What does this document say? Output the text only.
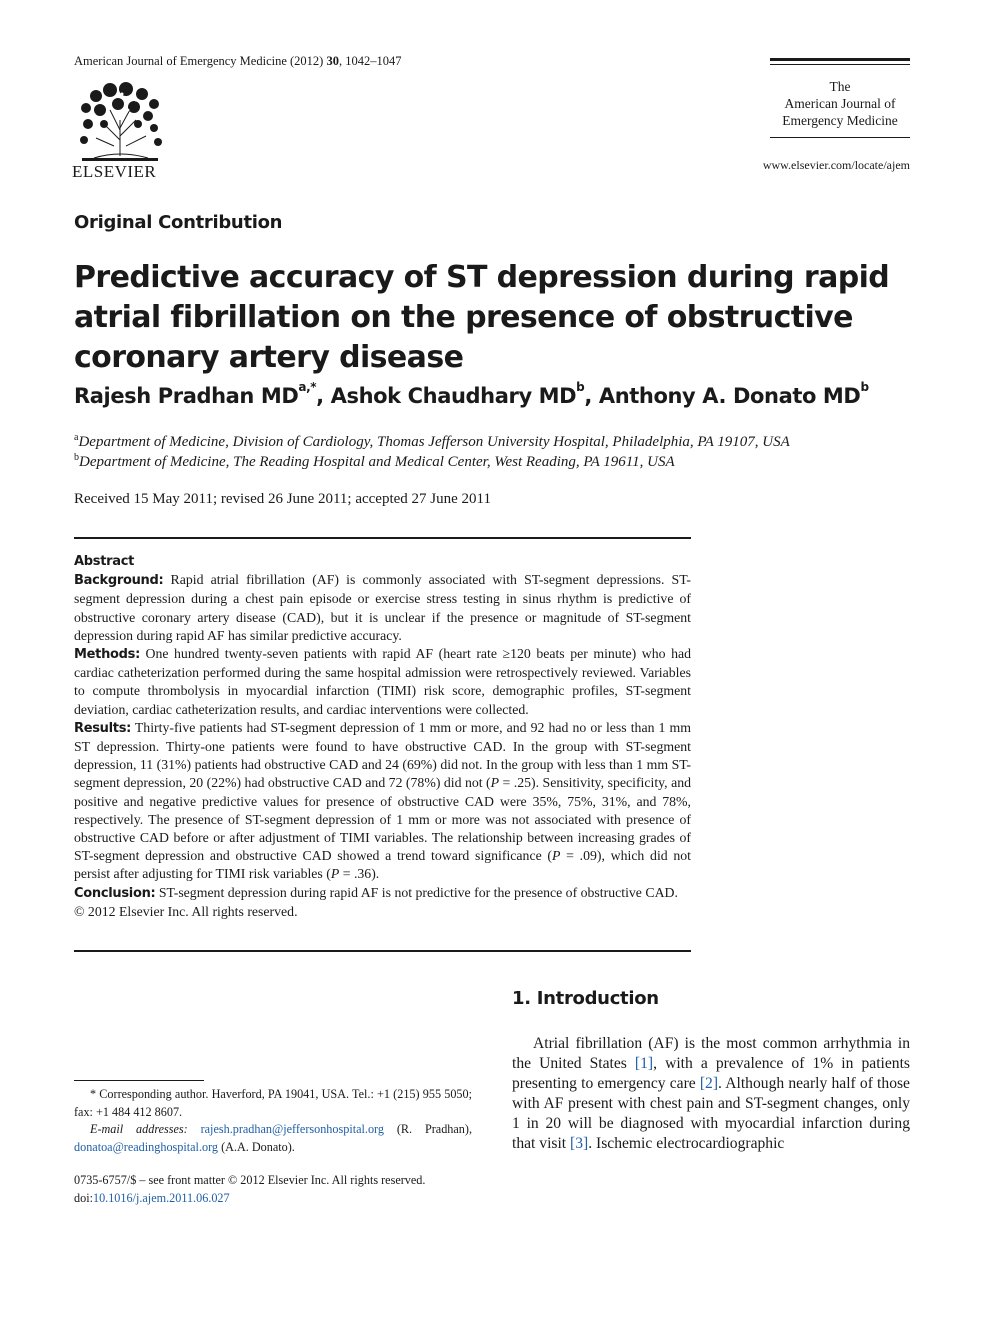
American Journal of Emergency Medicine (2012) 30, 1042–1047
ELSEVIER
The
American Journal of
Emergency Medicine
www.elsevier.com/locate/ajem
Original Contribution
Predictive accuracy of ST depression during rapid atrial fibrillation on the presence of obstructive coronary artery disease
Rajesh Pradhan $MD^{a,*}$, Ashok Chaudhary $MD^b$, Anthony A. Donato $MD^b$
$^a$Department of Medicine, Division of Cardiology, Thomas Jefferson University Hospital, Philadelphia, PA 19107, USA
$^b$Department of Medicine, The Reading Hospital and Medical Center, West Reading, PA 19611, USA
Received 15 May 2011; revised 26 June 2011; accepted 27 June 2011

Abstract

Background: Rapid atrial fibrillation (AF) is commonly associated with ST-segment depressions. ST-segment depression during a chest pain episode or exercise stress testing in sinus rhythm is predictive of obstructive coronary artery disease (CAD), but it is unclear if the presence or magnitude of ST-segment depression during rapid AF has similar predictive accuracy.

Methods: One hundred twenty-seven patients with rapid AF (heart rate ≥120 beats per minute) who had cardiac catheterization performed during the same hospital admission were retrospectively reviewed. Variables to compute thrombolysis in myocardial infarction (TIMI) risk score, demographic profiles, ST-segment deviation, cardiac catheterization results, and cardiac interventions were collected.

Results: Thirty-five patients had ST-segment depression of 1 mm or more, and 92 had no or less than 1 mm ST depression. Thirty-one patients were found to have obstructive CAD. In the group with ST-segment depression, 11 (31%) patients had obstructive CAD and 24 (69%) did not. In the group with less than 1 mm ST-segment depression, 20 (22%) had obstructive CAD and 72 (78%) did not (P = .25). Sensitivity, specificity, and positive and negative predictive values for presence of obstructive CAD were 35%, 75%, 31%, and 78%, respectively. The presence of ST-segment depression of 1 mm or more was not associated with presence of obstructive CAD before or after adjustment of TIMI variables. The relationship between increasing grades of ST-segment depression and obstructive CAD showed a trend toward significance (P = .09), which did not persist after adjusting for TIMI risk variables (P = .36).

Conclusion: ST-segment depression during rapid AF is not predictive for the presence of obstructive CAD.

© 2012 Elsevier Inc. All rights reserved.

1. Introduction

Atrial fibrillation (AF) is the most common arrhythmia in the United States [1], with a prevalence of 1% in patients presenting to emergency care [2]. Although nearly half of those with AF present with chest pain and ST-segment changes, only 1 in 20 will be diagnosed with myocardial infarction during that visit [3]. Ischemic electrocardiographic

* Corresponding author. Haverford, PA 19041, USA. Tel.: +1 (215) 955 5050; fax: +1 484 412 8607.

E-mail addresses: rajesh.pradhan@jeffersonhospital.org (R. Pradhan), donatoa@readinghospital.org (A.A. Donato).

0735-6757/$ – see front matter © 2012 Elsevier Inc. All rights reserved.

doi:10.1016/j.ajem.2011.06.027
